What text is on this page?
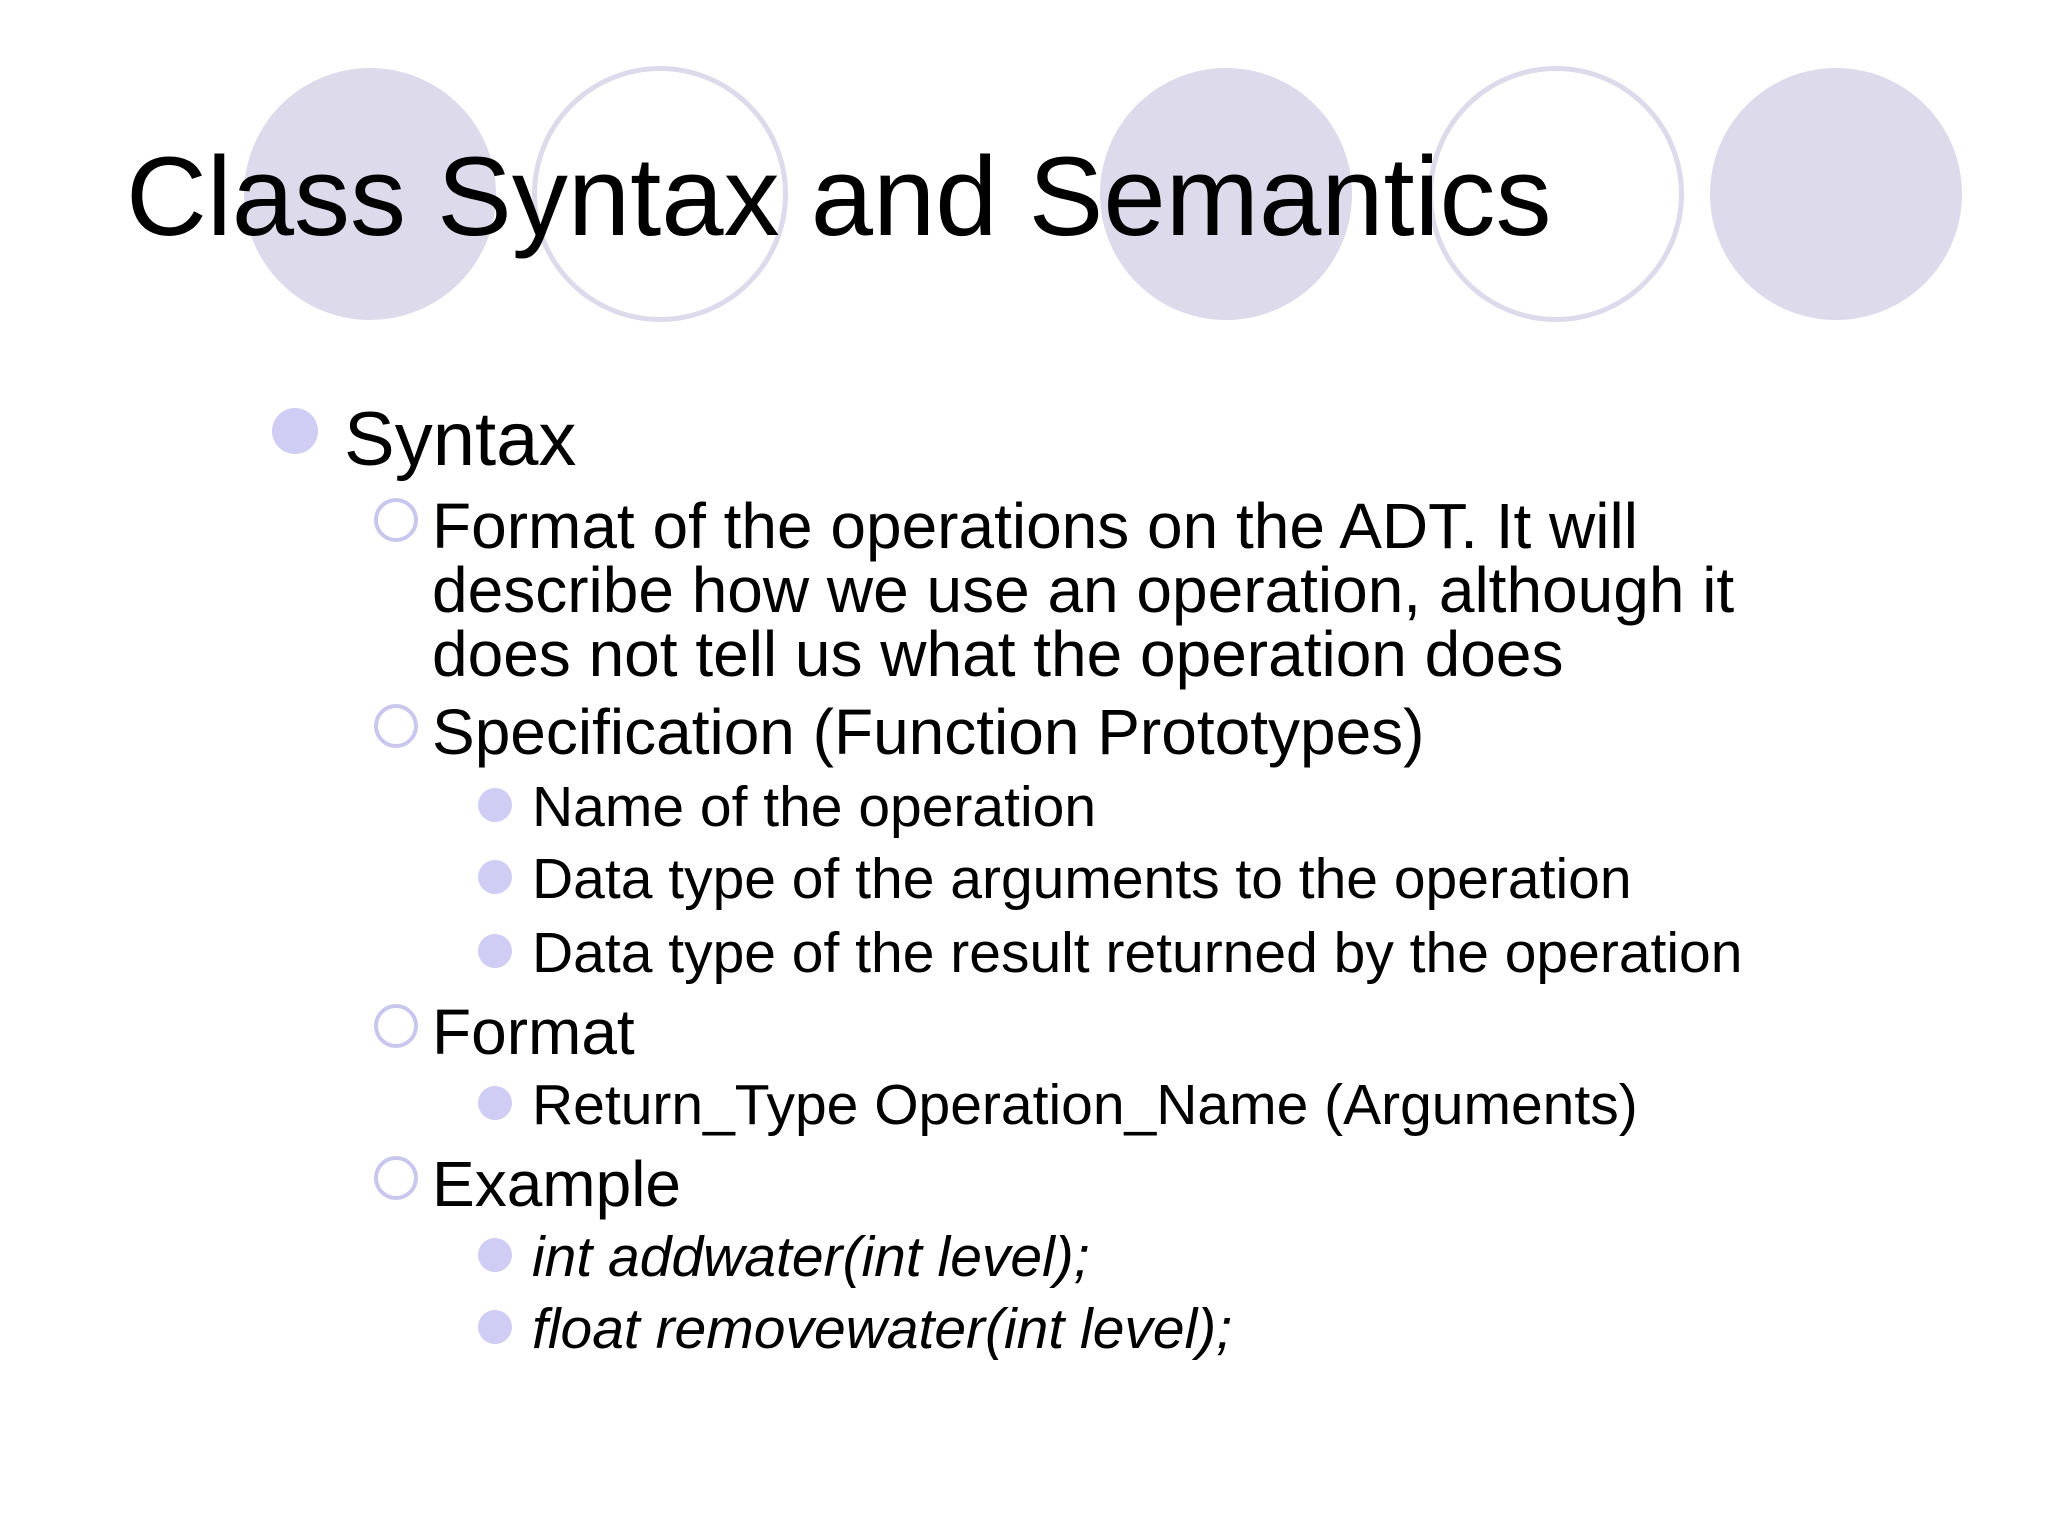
Class Syntax and Semantics
Syntax
Format of the operations on the ADT. It will
describe how we use an operation, although it
does not tell us what the operation does
Specification (Function Prototypes)
Name of the operation
Data type of the arguments to the operation
Data type of the result returned by the operation
Format
Return_Type Operation_Name (Arguments)
Example
int addwater(int level);
float removewater(int level);
